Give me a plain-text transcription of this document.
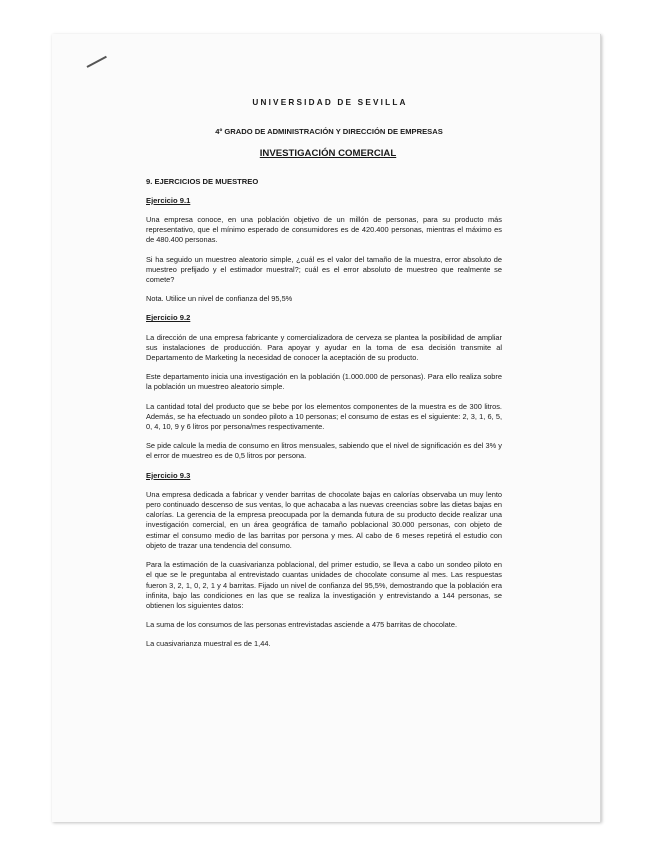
UNIVERSIDAD DE SEVILLA
4º GRADO DE ADMINISTRACIÓN Y DIRECCIÓN DE EMPRESAS
INVESTIGACIÓN COMERCIAL
9. EJERCICIOS DE MUESTREO
Ejercicio 9.1

Una empresa conoce, en una población objetivo de un millón de personas, para su producto más representativo, que el mínimo esperado de consumidores es de 420.400 personas, mientras el máximo es de 480.400 personas.

Si ha seguido un muestreo aleatorio simple, ¿cuál es el valor del tamaño de la muestra, error absoluto de muestreo prefijado y el estimador muestral?; cuál es el error absoluto de muestreo que realmente se comete?

Nota. Utilice un nivel de confianza del 95,5%

Ejercicio 9.2

La dirección de una empresa fabricante y comercializadora de cerveza se plantea la posibilidad de ampliar sus instalaciones de producción. Para apoyar y ayudar en la toma de esa decisión transmite al Departamento de Marketing la necesidad de conocer la aceptación de su producto.

Este departamento inicia una investigación en la población (1.000.000 de personas). Para ello realiza sobre la población un muestreo aleatorio simple.

La cantidad total del producto que se bebe por los elementos componentes de la muestra es de 300 litros. Además, se ha efectuado un sondeo piloto a 10 personas; el consumo de estas es el siguiente: 2, 3, 1, 6, 5, 0, 4, 10, 9 y 6 litros por persona/mes respectivamente.

Se pide calcule la media de consumo en litros mensuales, sabiendo que el nivel de significación es del 3% y el error de muestreo es de 0,5 litros por persona.

Ejercicio 9.3

Una empresa dedicada a fabricar y vender barritas de chocolate bajas en calorías observaba un muy lento pero continuado descenso de sus ventas, lo que achacaba a las nuevas creencias sobre las dietas bajas en calorías. La gerencia de la empresa preocupada por la demanda futura de su producto decide realizar una investigación comercial, en un área geográfica de tamaño poblacional 30.000 personas, con objeto de estimar el consumo medio de las barritas por persona y mes. Al cabo de 6 meses repetirá el estudio con objeto de trazar una tendencia del consumo.

Para la estimación de la cuasivarianza poblacional, del primer estudio, se lleva a cabo un sondeo piloto en el que se le preguntaba al entrevistado cuantas unidades de chocolate consume al mes. Las respuestas fueron 3, 2, 1, 0, 2, 1 y 4 barritas. Fijado un nivel de confianza del 95,5%, demostrando que la población era infinita, bajo las condiciones en las que se realiza la investigación y entrevistando a 144 personas, se obtienen los siguientes datos:

La suma de los consumos de las personas entrevistadas asciende a 475 barritas de chocolate.

La cuasivarianza muestral es de 1,44.
